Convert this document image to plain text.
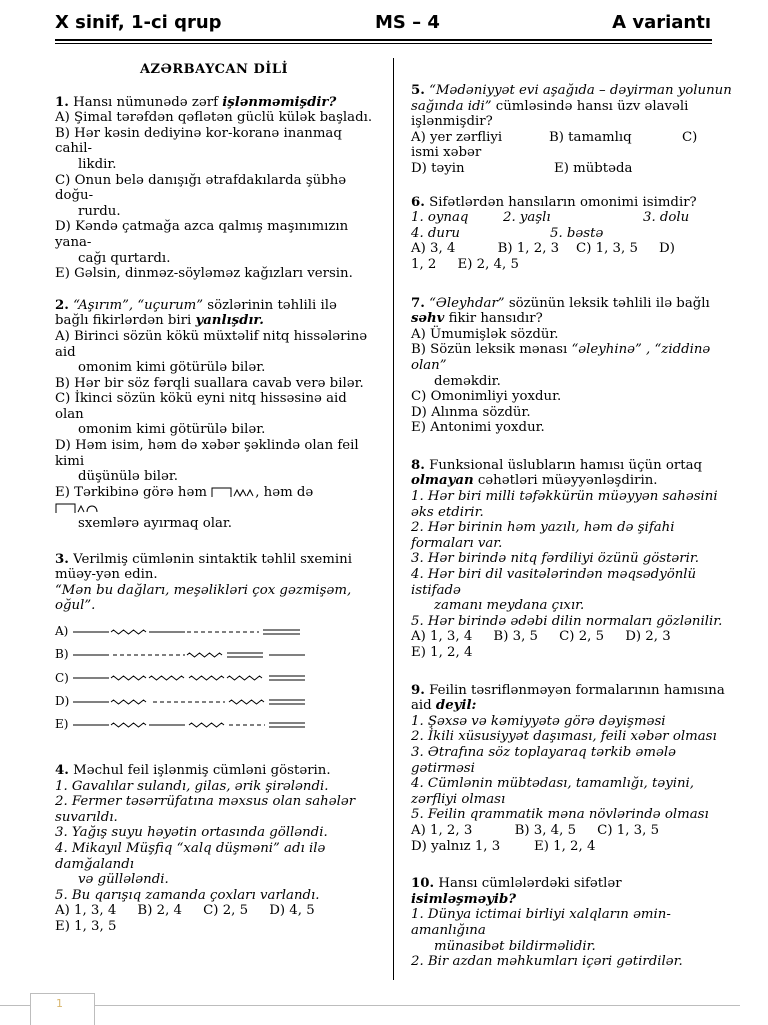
X sinif, 1-ci qrup	MS – 4	A variantı
AZƏRBAYCAN DİLİ

1. Hansı nümunədə zərf işlənməmişdir?

A) Şimal tərəfdən qəflətən güclü külək başladı.

B) Hər kəsin dediyinə kor-koranə inanmaq cahil-

likdir.

C) Onun belə danışığı ətrafdakılarda şübhə doğu-

rurdu.

D) Kəndə çatmağa azca qalmış maşınımızın yana-

cağı qurtardı.

E) Gəlsin, dinməz-söyləməz kağızları versin.

2. “Aşırım”, “uçurum” sözlərinin təhlili ilə bağlı fikirlərdən biri yanlışdır.

A) Birinci sözün kökü müxtəlif nitq hissələrinə aid

omonim kimi götürülə bilər.

B) Hər bir söz fərqli suallara cavab verə bilər.

C) İkinci sözün kökü eyni nitq hissəsinə aid olan

omonim kimi götürülə bilər.

D) Həm isim, həm də xəbər şəklində olan feil kimi

düşünülə bilər.

E) Tərkibinə görə həm	, həm də

sxemlərə ayırmaq olar.

3. Verilmiş cümlənin sintaktik təhlil sxemini müəy-yən edin.

“Mən bu dağları, meşəlikləri çox gəzmişəm, oğul”.

A)
B)
C)
D)
E)

4. Məchul feil işlənmiş cümləni göstərin.

1. Gavalılar sulandı, gilas, ərik şirələndi.

2. Fermer təsərrüfatına məxsus olan sahələr suvarıldı.

3. Yağış suyu həyətin ortasında gölləndi.

4. Mikayıl Müşfiq “xalq düşməni” adı ilə damğalandı

və güllələndi.

5. Bu qarışıq zamanda çoxları varlandı.

A) 1, 3, 4     B) 2, 4     C) 2, 5     D) 4, 5

E) 1, 3, 5

5. “Mədəniyyət evi aşağıda – dəyirman yolunun sağında idi” cümləsində hansı üzv əlavəli işlənmişdir?

A) yer zərfliyi	B) tamamlıq	C)

ismi xəbər

D) təyin	E) mübtəda

6. Sifətlərdən hansıların omonimi isimdir?

1. oynaq	2. yaşlı	3. dolu

4. duru	5. bəstə

A) 3, 4          B) 1, 2, 3    C) 1, 3, 5     D)

1, 2     E) 2, 4, 5

7. “Əleyhdar” sözünün leksik təhlili ilə bağlı səhv fikir hansıdır?

A) Ümumişlək sözdür.

B) Sözün leksik mənası “əleyhinə” , “ziddinə olan”

deməkdir.

C) Omonimliyi yoxdur.

D) Alınma sözdür.

E) Antonimi yoxdur.

8. Funksional üslubların hamısı üçün ortaq olmayan cəhətləri müəyyənləşdirin.

1. Hər biri milli təfəkkürün müəyyən sahəsini əks etdirir.

2. Hər birinin həm yazılı, həm də şifahi formaları var.

3. Hər birində nitq fərdiliyi özünü göstərir.

4. Hər biri dil vasitələrindən məqsədyönlü istifadə

zamanı meydana çıxır.

5. Hər birində ədəbi dilin normaları gözlənilir.

A) 1, 3, 4     B) 3, 5     C) 2, 5     D) 2, 3

E) 1, 2, 4

9. Feilin təsriflənməyən formalarının hamısına aid deyil:

1. Şəxsə və kəmiyyətə görə dəyişməsi

2. İkili xüsusiyyət daşıması, feili xəbər olması

3. Ətrafına söz toplayaraq tərkib əmələ gətirməsi

4. Cümlənin mübtədası, tamamlığı, təyini, zərfliyi olması

5. Feilin qrammatik məna növlərində olması

A) 1, 2, 3          B) 3, 4, 5     C) 1, 3, 5

D) yalnız 1, 3        E) 1, 2, 4

10. Hansı cümlələrdəki sifətlər

isimləşməyib?

1. Dünya ictimai birliyi xalqların əmin-amanlığına

münasibət bildirməlidir.

2. Bir azdan məhkumları içəri gətirdilər.

1
